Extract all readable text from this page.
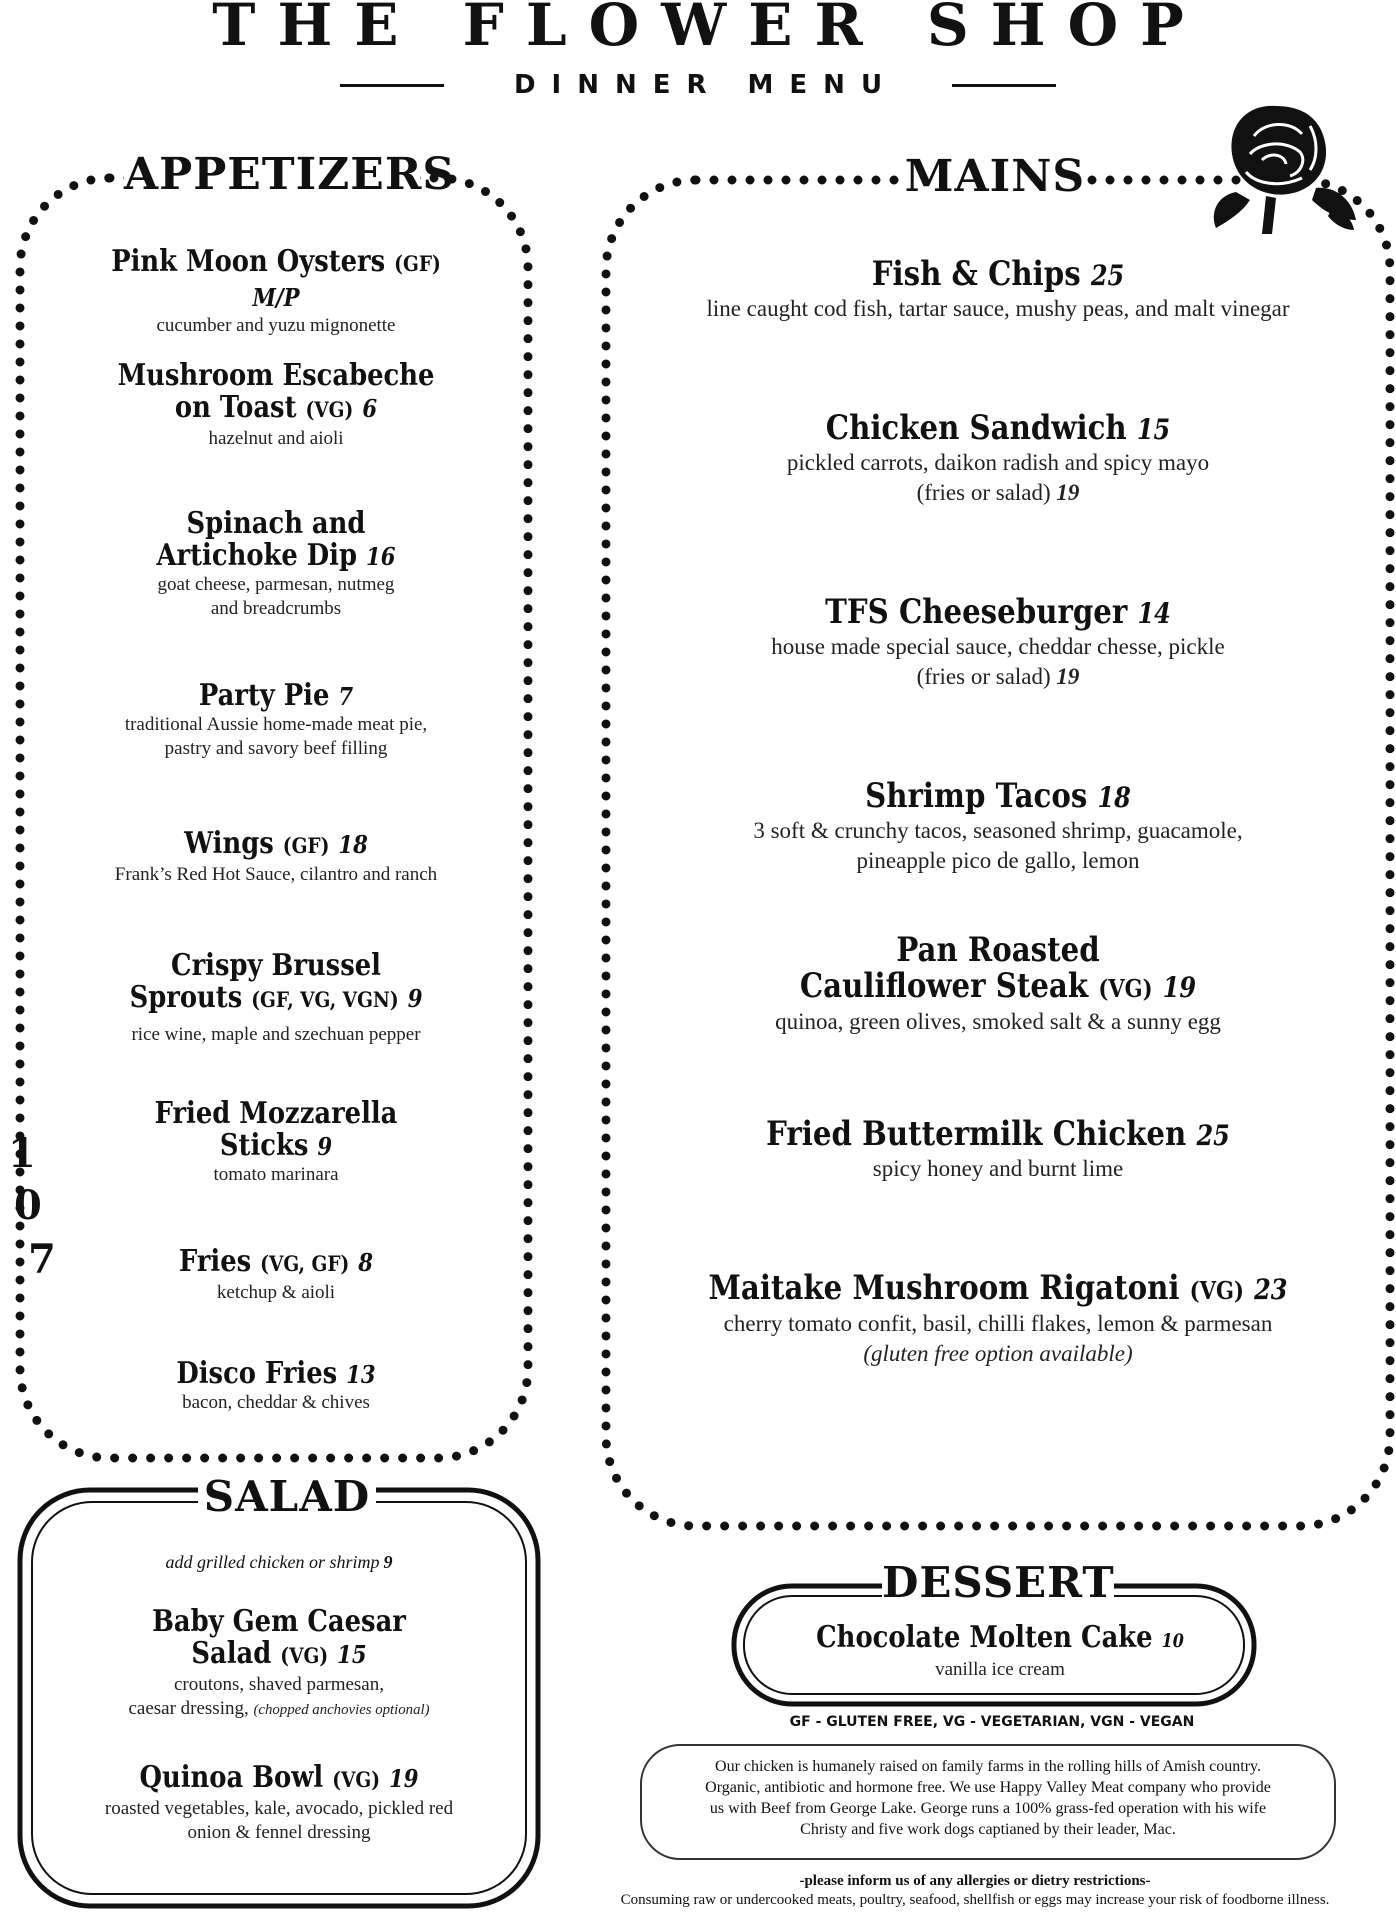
THE FLOWER SHOP
DINNER MENU
APPETIZERS	MAINS
SALAD
DESSERT
1
0
7
Pink Moon Oysters (GF) M/P
cucumber and yuzu mignonette
Mushroom Escabeche
on Toast (VG) 6
hazelnut and aioli
Spinach and
Artichoke Dip 16
goat cheese, parmesan, nutmeg
and breadcrumbs
Party Pie 7
traditional Aussie home-made meat pie,
pastry and savory beef filling
Wings (GF) 18
Frank’s Red Hot Sauce, cilantro and ranch
Crispy Brussel
Sprouts (GF, VG, VGN) 9
rice wine, maple and szechuan pepper
Fried Mozzarella
Sticks 9
tomato marinara
Fries (VG, GF) 8
ketchup & aioli
Disco Fries 13
bacon, cheddar & chives
Fish & Chips 25
line caught cod fish, tartar sauce, mushy peas, and malt vinegar
Chicken Sandwich 15
pickled carrots, daikon radish and spicy mayo
(fries or salad) 19
TFS Cheeseburger 14
house made special sauce, cheddar chesse, pickle
(fries or salad) 19
Shrimp Tacos 18
3 soft & crunchy tacos, seasoned shrimp, guacamole,
pineapple pico de gallo, lemon
Pan Roasted
Cauliflower Steak (VG) 19
quinoa, green olives, smoked salt & a sunny egg
Fried Buttermilk Chicken 25
spicy honey and burnt lime
Maitake Mushroom Rigatoni (VG) 23
cherry tomato confit, basil, chilli flakes, lemon & parmesan
(gluten free option available)
add grilled chicken or shrimp 9
Baby Gem Caesar
Salad (VG) 15
croutons, shaved parmesan,
caesar dressing, (chopped anchovies optional)
Quinoa Bowl (VG) 19
roasted vegetables, kale, avocado, pickled red
onion & fennel dressing
Chocolate Molten Cake 10
vanilla ice cream
GF - GLUTEN FREE, VG - VEGETARIAN, VGN - VEGAN
Our chicken is humanely raised on family farms in the rolling hills of Amish country.
Organic, antibiotic and hormone free. We use Happy Valley Meat company who provide
us with Beef from George Lake. George runs a 100% grass-fed operation with his wife
Christy and five work dogs captianed by their leader, Mac.
-please inform us of any allergies or dietry restrictions-
Consuming raw or undercooked meats, poultry, seafood, shellfish or eggs may increase your risk of foodborne illness.
